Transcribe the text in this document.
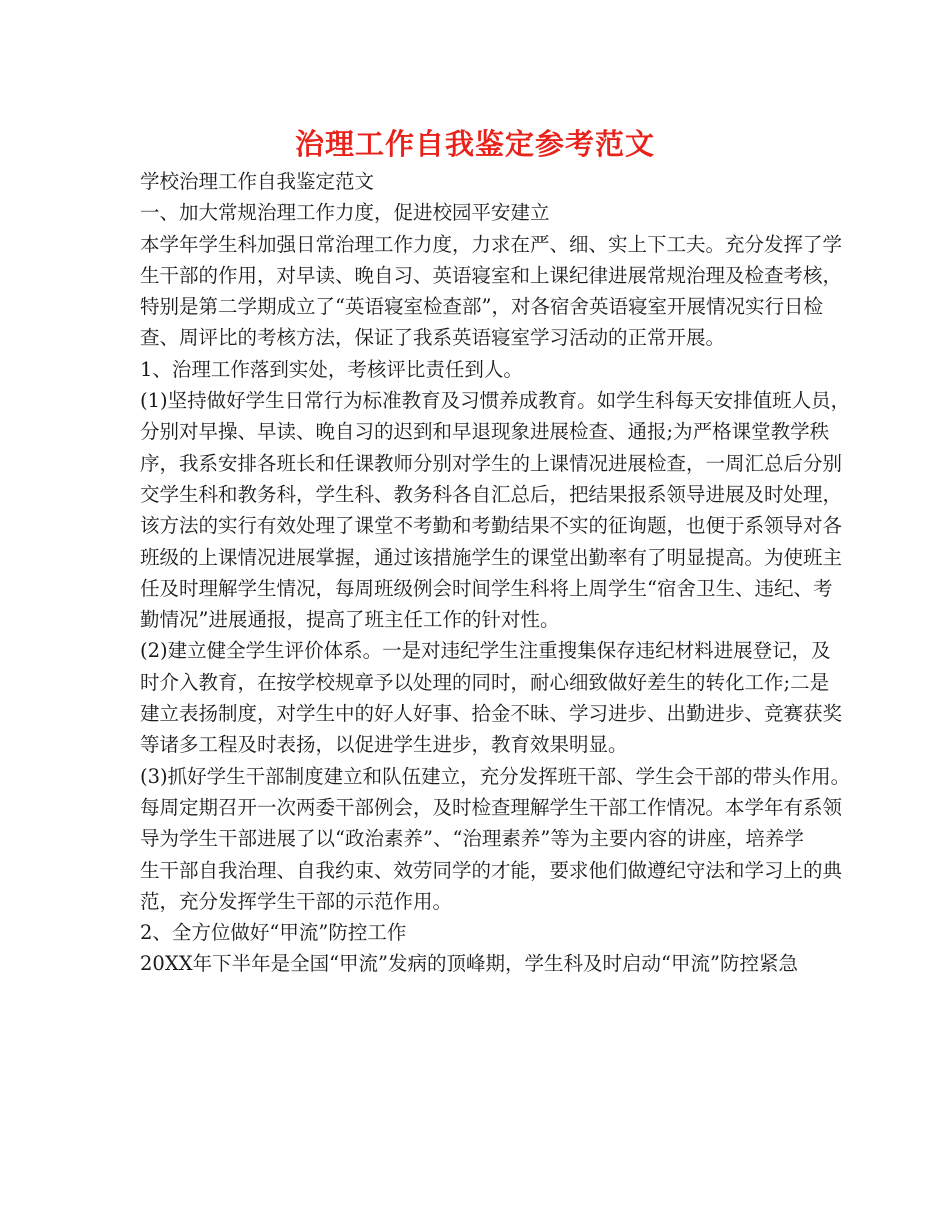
治理工作自我鉴定参考范文
学校治理工作自我鉴定范文
一、加大常规治理工作力度，促进校园平安建立
本学年学生科加强日常治理工作力度，力求在严、细、实上下工夫。充分发挥了学
生干部的作用，对早读、晚自习、英语寝室和上课纪律进展常规治理及检查考核，
特别是第二学期成立了“英语寝室检查部”，对各宿舍英语寝室开展情况实行日检
查、周评比的考核方法，保证了我系英语寝室学习活动的正常开展。
1、治理工作落到实处，考核评比责任到人。
(1)坚持做好学生日常行为标准教育及习惯养成教育。如学生科每天安排值班人员，
分别对早操、早读、晚自习的迟到和早退现象进展检查、通报;为严格课堂教学秩
序，我系安排各班长和任课教师分别对学生的上课情况进展检查，一周汇总后分别
交学生科和教务科，学生科、教务科各自汇总后，把结果报系领导进展及时处理，
该方法的实行有效处理了课堂不考勤和考勤结果不实的征询题，也便于系领导对各
班级的上课情况进展掌握，通过该措施学生的课堂出勤率有了明显提高。为使班主
任及时理解学生情况，每周班级例会时间学生科将上周学生“宿舍卫生、违纪、考
勤情况”进展通报，提高了班主任工作的针对性。
(2)建立健全学生评价体系。一是对违纪学生注重搜集保存违纪材料进展登记，及
时介入教育，在按学校规章予以处理的同时，耐心细致做好差生的转化工作;二是
建立表扬制度，对学生中的好人好事、拾金不昧、学习进步、出勤进步、竞赛获奖
等诸多工程及时表扬，以促进学生进步，教育效果明显。
(3)抓好学生干部制度建立和队伍建立，充分发挥班干部、学生会干部的带头作用。
每周定期召开一次两委干部例会，及时检查理解学生干部工作情况。本学年有系领
导为学生干部进展了以“政治素养”、“治理素养”等为主要内容的讲座，培养学
生干部自我治理、自我约束、效劳同学的才能，要求他们做遵纪守法和学习上的典
范，充分发挥学生干部的示范作用。
2、全方位做好“甲流”防控工作
20XX年下半年是全国“甲流”发病的顶峰期，学生科及时启动“甲流”防控紧急
